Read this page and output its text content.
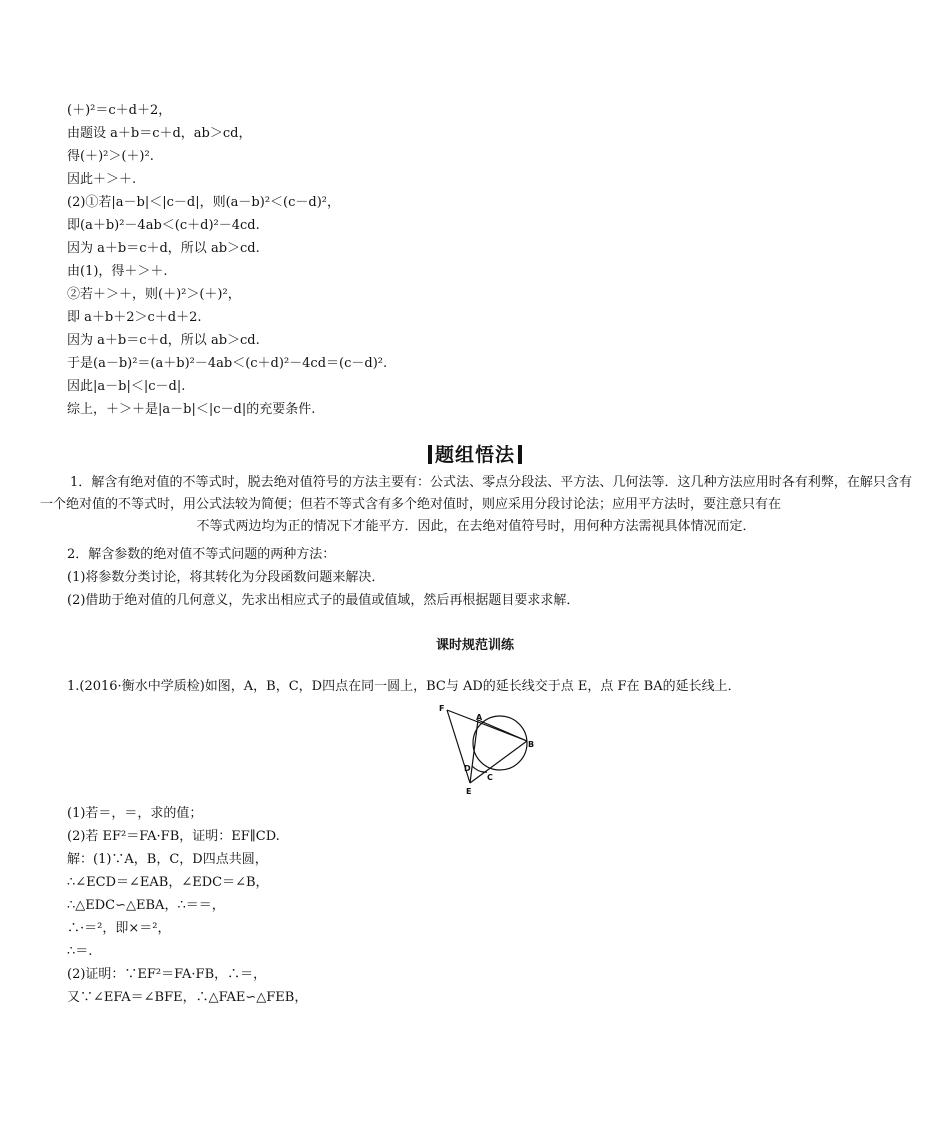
(＋)²＝c＋d＋2，
由题设 a＋b＝c＋d，ab＞cd，
得(＋)²＞(＋)².
因此＋＞＋.
(2)①若|a－b|＜|c－d|，则(a－b)²＜(c－d)²，
即(a＋b)²－4ab＜(c＋d)²－4cd.
因为 a＋b＝c＋d，所以 ab＞cd.
由(1)，得＋＞＋.
②若＋＞＋，则(＋)²＞(＋)²，
即 a＋b＋2＞c＋d＋2.
因为 a＋b＝c＋d，所以 ab＞cd.
于是(a－b)²＝(a＋b)²－4ab＜(c＋d)²－4cd＝(c－d)².
因此|a－b|＜|c－d|.
综上，＋＞＋是|a－b|＜|c－d|的充要条件.
题组悟法
1．解含有绝对值的不等式时，脱去绝对值符号的方法主要有：公式法、零点分段法、平方法、几何法等．这几种方法应用时各有利弊，在解只含有一个绝对值的不等式时，用公式法较为简便；但若不等式含有多个绝对值时，则应采用分段讨论法；应用平方法时，要注意只有在
不等式两边均为正的情况下才能平方．因此，在去绝对值符号时，用何种方法需视具体情况而定．
2．解含参数的绝对值不等式问题的两种方法：
(1)将参数分类讨论，将其转化为分段函数问题来解决．
(2)借助于绝对值的几何意义，先求出相应式子的最值或值域，然后再根据题目要求求解．
课时规范训练
1.(2016·衡水中学质检)如图，A，B，C，D四点在同一圆上，BC与 AD的延长线交于点 E，点 F在 BA的延长线上．
F
A
B
D
C
E
(1)若＝，＝，求的值；
(2)若 EF²＝FA·FB，证明：EF∥CD.
解：(1)∵A，B，C，D四点共圆，
∴∠ECD＝∠EAB，∠EDC＝∠B，
∴△EDC∽△EBA，∴＝＝，
∴·＝²，即×＝²，
∴＝.
(2)证明：∵EF²＝FA·FB，∴＝，
又∵∠EFA＝∠BFE，∴△FAE∽△FEB，
